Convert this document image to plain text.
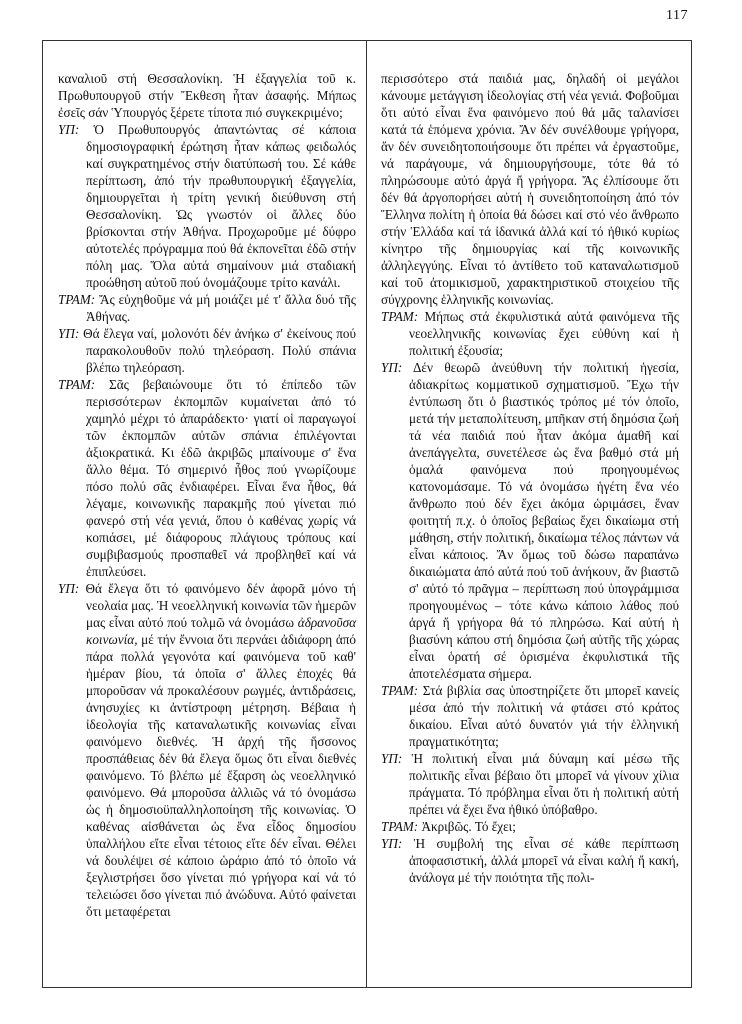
117

καναλιοῦ στή Θεσσαλονίκη. Ἡ ἐξαγγελία τοῦ κ. Πρωθυπουργοῦ στήν Ἔκθεση ἦταν ἀσαφής. Μήπως ἐσεῖς σάν Ὑπουργός ξέρετε τίποτα πιό συγκεκριμένο;

ΥΠ: Ὁ Πρωθυπουργός ἀπαντώντας σέ κάποια δημοσιογραφική ἐρώτηση ἦταν κάπως φειδωλός καί συγκρατημένος στήν διατύπωσή του. Σέ κάθε περίπτωση, ἀπό τήν πρωθυπουργική ἐξαγγελία, δημιουργεῖται ἡ τρίτη γενική διεύθυνση στή Θεσσαλονίκη. Ὡς γνωστόν οἱ ἄλλες δύο βρίσκονται στήν Ἀθήνα. Προχωροῦμε μέ δύφρο αὐτοτελές πρόγραμμα πού θά ἐκπονεῖται ἐδῶ στήν πόλη μας. Ὅλα αὐτά σημαίνουν μιά σταδιακή προώθηση αὐτοῦ πού ὀνομάζουμε τρίτο κανάλι.

ΤΡΑΜ: Ἄς εὐχηθοῦμε νά μή μοιάζει μέ τ' ἄλλα δυό τῆς Ἀθήνας.

ΥΠ: Θά ἔλεγα ναί, μολονότι δέν ἀνήκω σ' ἐκείνους πού παρακολουθοῦν πολύ τηλεόραση. Πολύ σπάνια βλέπω τηλεόραση.

ΤΡΑΜ: Σᾶς βεβαιώνουμε ὅτι τό ἐπίπεδο τῶν περισσότερων ἐκπομπῶν κυμαίνεται ἀπό τό χαμηλό μέχρι τό ἀπαράδεκτο· γιατί οἱ παραγωγοί τῶν ἐκπομπῶν αὐτῶν σπάνια ἐπιλέγονται ἀξιοκρατικά. Κι ἐδῶ ἀκριβῶς μπαίνουμε σ' ἕνα ἄλλο θέμα. Τό σημερινό ἦθος πού γνωρίζουμε πόσο πολύ σᾶς ἐνδιαφέρει. Εἶναι ἕνα ἦθος, θά λέγαμε, κοινωνικῆς παρακμῆς πού γίνεται πιό φανερό στή νέα γενιά, ὅπου ὁ καθένας χωρίς νά κοπιάσει, μέ διάφορους πλάγιους τρόπους καί συμβιβασμούς προσπαθεῖ νά προβληθεῖ καί νά ἐπιπλεύσει.

ΥΠ: Θά ἔλεγα ὅτι τό φαινόμενο δέν ἀφορᾶ μόνο τή νεολαία μας. Ἡ νεοελληνική κοινωνία τῶν ἡμερῶν μας εἶναι αὐτό πού τολμῶ νά ὀνομάσω ἀδρανοῦσα κοινωνία, μέ τήν ἔννοια ὅτι περνάει ἀδιάφορη ἀπό πάρα πολλά γεγονότα καί φαινόμενα τοῦ καθ' ἡμέραν βίου, τά ὁποῖα σ' ἄλλες ἐποχές θά μποροῦσαν νά προκαλέσουν ρωγμές, ἀντιδράσεις, ἀνησυχίες κι ἀντίστροφη μέτρηση. Βέβαια ἡ ἰδεολογία τῆς καταναλωτικῆς κοινωνίας εἶναι φαινόμενο διεθνές. Ἡ ἀρχή τῆς ἥσσονος προσπάθειας δέν θά ἔλεγα ὅμως ὅτι εἶναι διεθνές φαινόμενο. Τό βλέπω μέ ἔξαρση ὡς νεοελληνικό φαινόμενο. Θά μποροῦσα ἀλλιῶς νά τό ὀνομάσω ὡς ἡ δημοσιοϋπαλληλοποίηση τῆς κοινωνίας. Ὁ καθένας αἰσθάνεται ὡς ἕνα εἶδος δημοσίου ὑπαλλήλου εἴτε εἶναι τέτοιος εἴτε δέν εἶναι. Θέλει νά δουλέψει σέ κάποιο ὡράριο ἀπό τό ὁποῖο νά ξεγλιστρήσει ὅσο γίνεται πιό γρήγορα καί νά τό τελειώσει ὅσο γίνεται πιό ἀνώδυνα. Αὐτό φαίνεται ὅτι μεταφέρεται

περισσότερο στά παιδιά μας, δηλαδή οἱ μεγάλοι κάνουμε μετάγγιση ἰδεολογίας στή νέα γενιά. Φοβοῦμαι ὅτι αὐτό εἶναι ἕνα φαινόμενο πού θά μᾶς ταλανίσει κατά τά ἑπόμενα χρόνια. Ἄν δέν συνέλθουμε γρήγορα, ἄν δέν συνειδητοποιήσουμε ὅτι πρέπει νά ἐργαστοῦμε, νά παράγουμε, νά δημιουργήσουμε, τότε θά τό πληρώσουμε αὐτό ἀργά ἤ γρήγορα. Ἄς ἐλπίσουμε ὅτι δέν θά ἀργοπορήσει αὐτή ἡ συνειδητοποίηση ἀπό τόν Ἕλληνα πολίτη ἡ ὁποία θά δώσει καί στό νέο ἄνθρωπο στήν Ἑλλάδα καί τά ἰδανικά ἀλλά καί τό ἠθικό κυρίως κίνητρο τῆς δημιουργίας καί τῆς κοινωνικῆς ἀλληλεγγύης. Εἶναι τό ἀντίθετο τοῦ καταναλωτισμοῦ καί τοῦ ἀτομικισμοῦ, χαρακτηριστικοῦ στοιχείου τῆς σύγχρονης ἑλληνικῆς κοινωνίας.

ΤΡΑΜ: Μήπως στά ἐκφυλιστικά αὐτά φαινόμενα τῆς νεοελληνικῆς κοινωνίας ἔχει εὐθύνη καί ἡ πολιτική ἐξουσία;

ΥΠ: Δέν θεωρῶ ἀνεύθυνη τήν πολιτική ἡγεσία, ἀδιακρίτως κομματικοῦ σχηματισμοῦ. Ἔχω τήν ἐντύπωση ὅτι ὁ βιαστικός τρόπος μέ τόν ὁποῖο, μετά τήν μεταπολίτευση, μπῆκαν στή δημόσια ζωή τά νέα παιδιά πού ἦταν ἀκόμα ἀμαθῆ καί ἀνεπάγγελτα, συνετέλεσε ὡς ἕνα βαθμό στά μή ὁμαλά φαινόμενα πού προηγουμένως κατονομάσαμε. Τό νά ὀνομάσω ἡγέτη ἕνα νέο ἄνθρωπο πού δέν ἔχει ἀκόμα ὡριμάσει, ἕναν φοιτητή π.χ. ὁ ὁποῖος βεβαίως ἔχει δικαίωμα στή μάθηση, στήν πολιτική, δικαίωμα τέλος πάντων νά εἶναι κάποιος. Ἄν ὅμως τοῦ δώσω παραπάνω δικαιώματα ἀπό αὐτά πού τοῦ ἀνήκουν, ἄν βιαστῶ σ' αὐτό τό πρᾶγμα – περίπτωση πού ὑπογράμμισα προηγουμένως – τότε κάνω κάποιο λάθος πού ἀργά ἤ γρήγορα θά τό πληρώσω. Καί αὐτή ἡ βιασύνη κάπου στή δημόσια ζωή αὐτῆς τῆς χώρας εἶναι ὁρατή σέ ὁρισμένα ἐκφυλιστικά τῆς ἀποτελέσματα σήμερα.

ΤΡΑΜ: Στά βιβλία σας ὑποστηρίζετε ὅτι μπορεῖ κανείς μέσα ἀπό τήν πολιτική νά φτάσει στό κράτος δικαίου. Εἶναι αὐτό δυνατόν γιά τήν ἑλληνική πραγματικότητα;

ΥΠ: Ἡ πολιτική εἶναι μιά δύναμη καί μέσω τῆς πολιτικῆς εἶναι βέβαιο ὅτι μπορεῖ νά γίνουν χίλια πράγματα. Τό πρόβλημα εἶναι ὅτι ἡ πολιτική αὐτή πρέπει νά ἔχει ἕνα ἠθικό ὑπόβαθρο.

ΤΡΑΜ: Ἀκριβῶς. Τό ἔχει;

ΥΠ: Ἡ συμβολή της εἶναι σέ κάθε περίπτωση ἀποφασιστική, ἀλλά μπορεῖ νά εἶναι καλή ἤ κακή, ἀνάλογα μέ τήν ποιότητα τῆς πολι-
